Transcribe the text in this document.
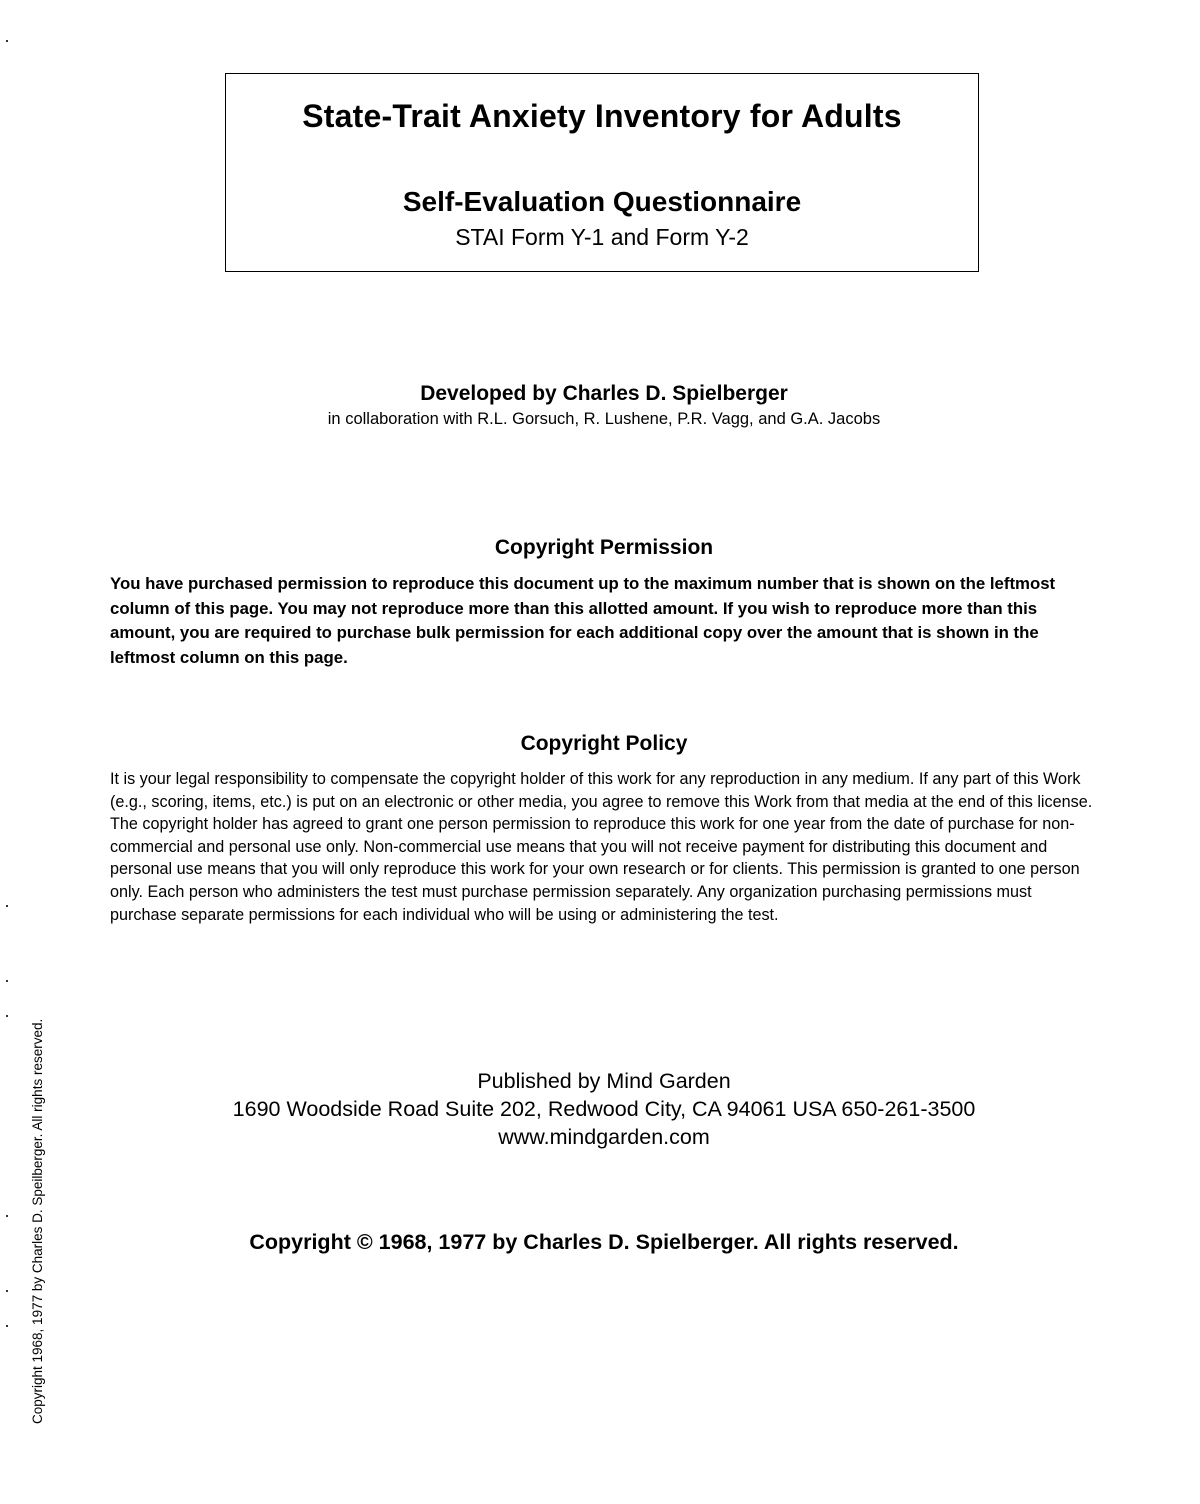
State-Trait Anxiety Inventory for Adults
Self-Evaluation Questionnaire

STAI Form Y-1 and Form Y-2

Developed by Charles D. Spielberger

in collaboration with R.L. Gorsuch, R. Lushene, P.R. Vagg, and G.A. Jacobs

Copyright Permission

You have purchased permission to reproduce this document up to the maximum number that is shown on the leftmost column of this page. You may not reproduce more than this allotted amount. If you wish to reproduce more than this amount, you are required to purchase bulk permission for each additional copy over the amount that is shown in the leftmost column on this page.

Copyright Policy

It is your legal responsibility to compensate the copyright holder of this work for any reproduction in any medium. If any part of this Work (e.g., scoring, items, etc.) is put on an electronic or other media, you agree to remove this Work from that media at the end of this license. The copyright holder has agreed to grant one person permission to reproduce this work for one year from the date of purchase for non-commercial and personal use only. Non-commercial use means that you will not receive payment for distributing this document and personal use means that you will only reproduce this work for your own research or for clients. This permission is granted to one person only. Each person who administers the test must purchase permission separately. Any organization purchasing permissions must purchase separate permissions for each individual who will be using or administering the test.

Published by Mind Garden

1690 Woodside Road Suite 202, Redwood City, CA 94061 USA 650-261-3500

www.mindgarden.com

Copyright © 1968, 1977 by Charles D. Spielberger. All rights reserved.

Copyright 1968, 1977 by Charles D. Speilberger. All rights reserved.
